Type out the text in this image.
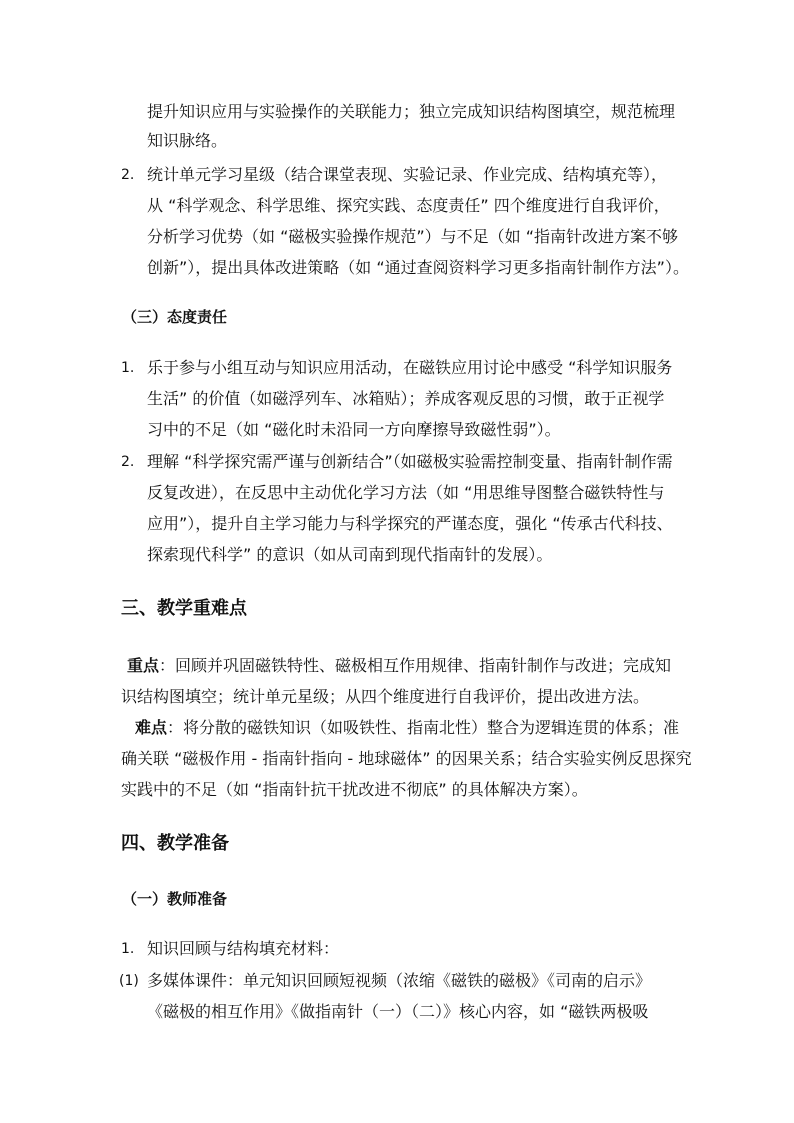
提升知识应用与实验操作的关联能力；独立完成知识结构图填空，规范梳理
知识脉络。
2. 统计单元学习星级（结合课堂表现、实验记录、作业完成、结构填充等），
从 “科学观念、科学思维、探究实践、态度责任” 四个维度进行自我评价，
分析学习优势（如 “磁极实验操作规范”）与不足（如 “指南针改进方案不够
创新”），提出具体改进策略（如 “通过查阅资料学习更多指南针制作方法”）。
（三）态度责任
1. 乐于参与小组互动与知识应用活动，在磁铁应用讨论中感受 “科学知识服务
生活” 的价值（如磁浮列车、冰箱贴）；养成客观反思的习惯，敢于正视学
习中的不足（如 “磁化时未沿同一方向摩擦导致磁性弱”）。
2. 理解 “科学探究需严谨与创新结合”（如磁极实验需控制变量、指南针制作需
反复改进），在反思中主动优化学习方法（如 “用思维导图整合磁铁特性与
应用”），提升自主学习能力与科学探究的严谨态度，强化 “传承古代科技、
探索现代科学” 的意识（如从司南到现代指南针的发展）。
三、教学重难点
重点：回顾并巩固磁铁特性、磁极相互作用规律、指南针制作与改进；完成知
识结构图填空；统计单元星级；从四个维度进行自我评价，提出改进方法。
难点：将分散的磁铁知识（如吸铁性、指南北性）整合为逻辑连贯的体系；准
确关联 “磁极作用 - 指南针指向 - 地球磁体” 的因果关系；结合实验实例反思探究
实践中的不足（如 “指南针抗干扰改进不彻底” 的具体解决方案）。
四、教学准备
（一）教师准备
1. 知识回顾与结构填充材料：
(1) 多媒体课件：单元知识回顾短视频（浓缩《磁铁的磁极》《司南的启示》
《磁极的相互作用》《做指南针（一）（二）》核心内容，如 “磁铁两极吸
